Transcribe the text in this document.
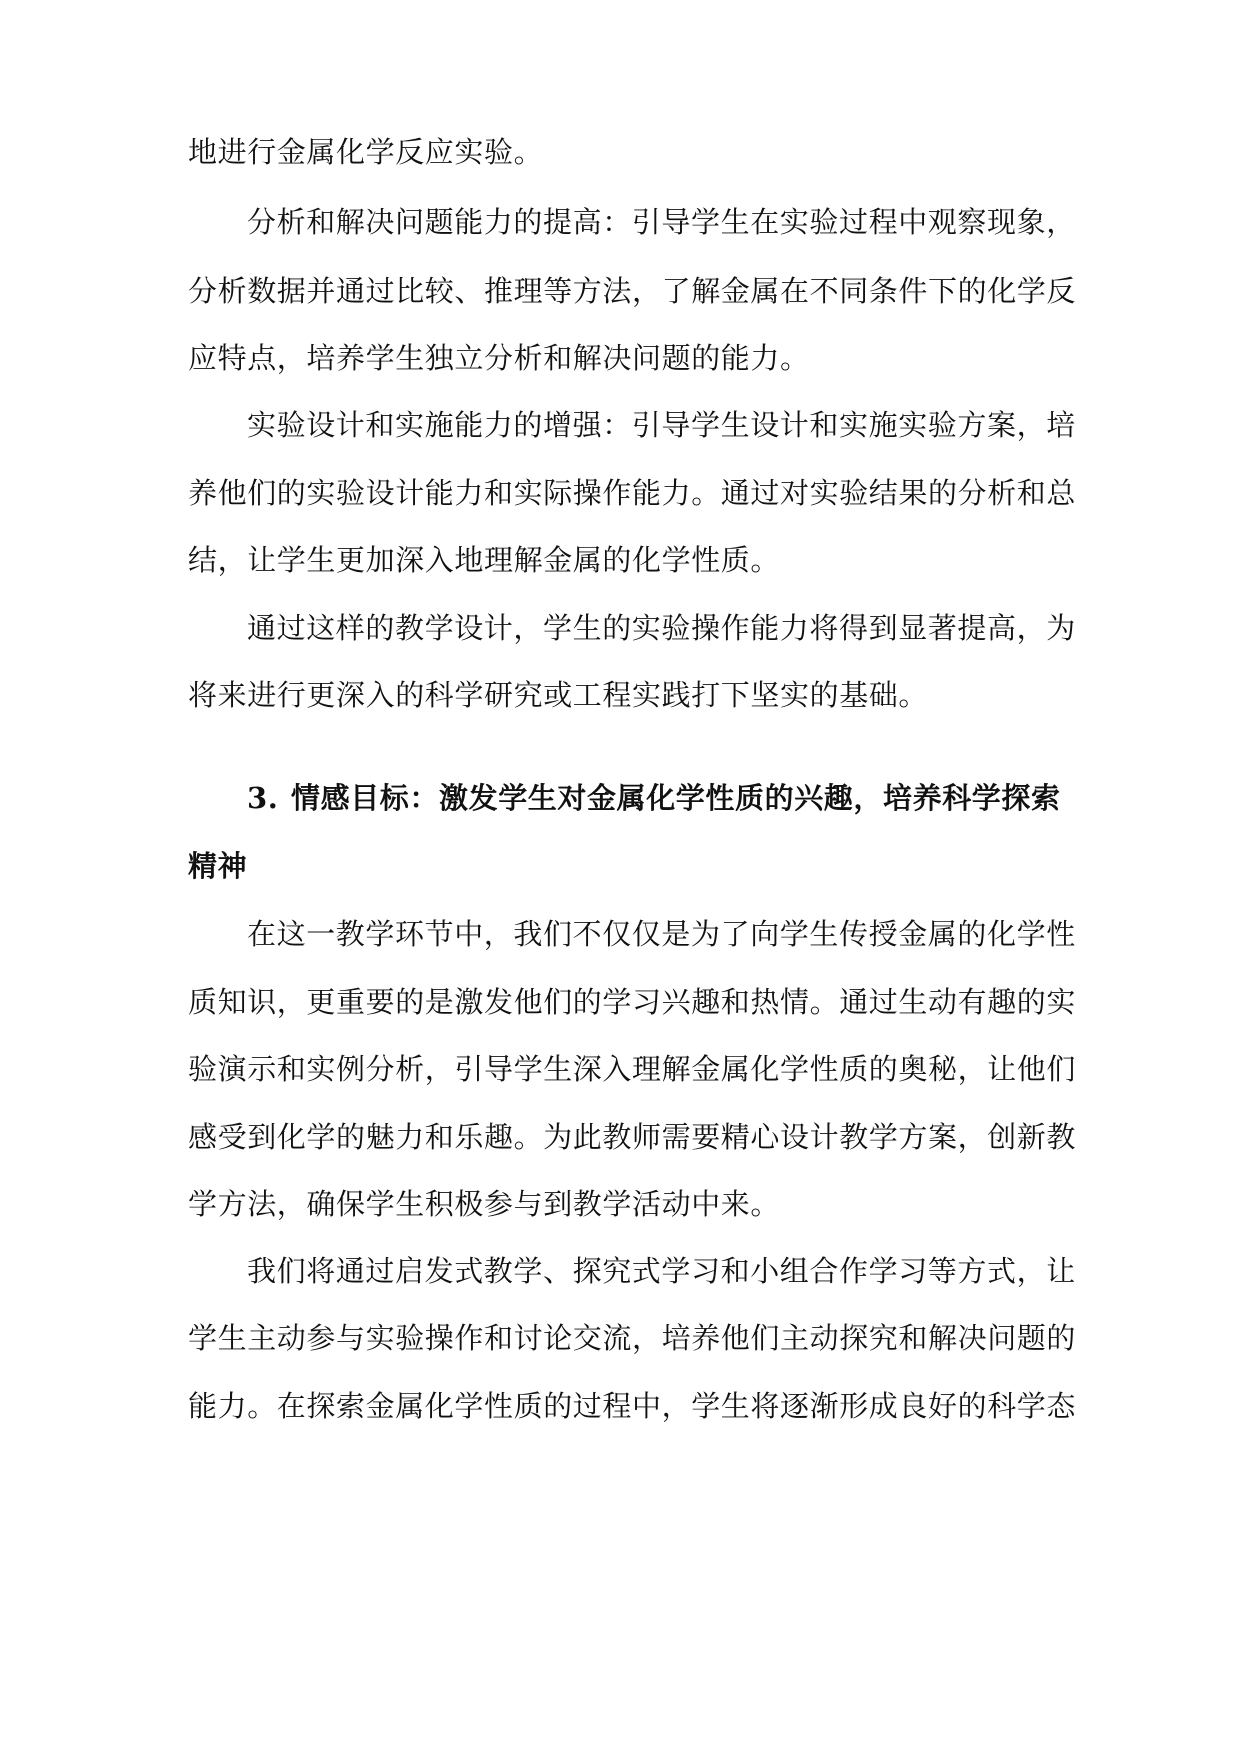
地进行金属化学反应实验。
分析和解决问题能力的提高：引导学生在实验过程中观察现象，
分析数据并通过比较、推理等方法，了解金属在不同条件下的化学反
应特点，培养学生独立分析和解决问题的能力。
实验设计和实施能力的增强：引导学生设计和实施实验方案，培
养他们的实验设计能力和实际操作能力。通过对实验结果的分析和总
结，让学生更加深入地理解金属的化学性质。
通过这样的教学设计，学生的实验操作能力将得到显著提高，为
将来进行更深入的科学研究或工程实践打下坚实的基础。
3. 情感目标：激发学生对金属化学性质的兴趣，培养科学探索
精神
在这一教学环节中，我们不仅仅是为了向学生传授金属的化学性
质知识，更重要的是激发他们的学习兴趣和热情。通过生动有趣的实
验演示和实例分析，引导学生深入理解金属化学性质的奥秘，让他们
感受到化学的魅力和乐趣。为此教师需要精心设计教学方案，创新教
学方法，确保学生积极参与到教学活动中来。
我们将通过启发式教学、探究式学习和小组合作学习等方式，让
学生主动参与实验操作和讨论交流，培养他们主动探究和解决问题的
能力。在探索金属化学性质的过程中，学生将逐渐形成良好的科学态
